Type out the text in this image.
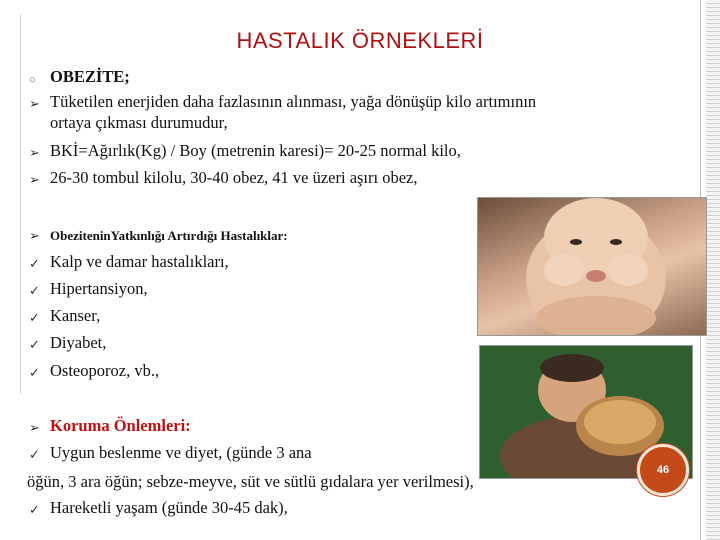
HASTALIK ÖRNEKLERİ
○
➢
➢
➢
➢
✓
✓
✓
✓
✓
➢
✓
✓
OBEZİTE;
Tüketilen enerjiden daha fazlasının alınması, yağa dönüşüp kilo artımının
ortaya çıkması durumudur,
BKİ=Ağırlık(Kg) / Boy (metrenin karesi)= 20-25 normal kilo,
26-30 tombul kilolu, 30-40 obez, 41 ve üzeri aşırı obez,
ObeziteninYatkınlığı Artırdığı Hastalıklar:
Kalp ve damar hastalıkları,
Hipertansiyon,
Kanser,
Diyabet,
Osteoporoz, vb.,
Koruma Önlemleri:
Uygun beslenme ve diyet, (günde 3 ana
öğün, 3 ara öğün; sebze-meyve, süt ve sütlü gıdalara yer verilmesi),
Hareketli yaşam (günde 30-45 dak),
46
